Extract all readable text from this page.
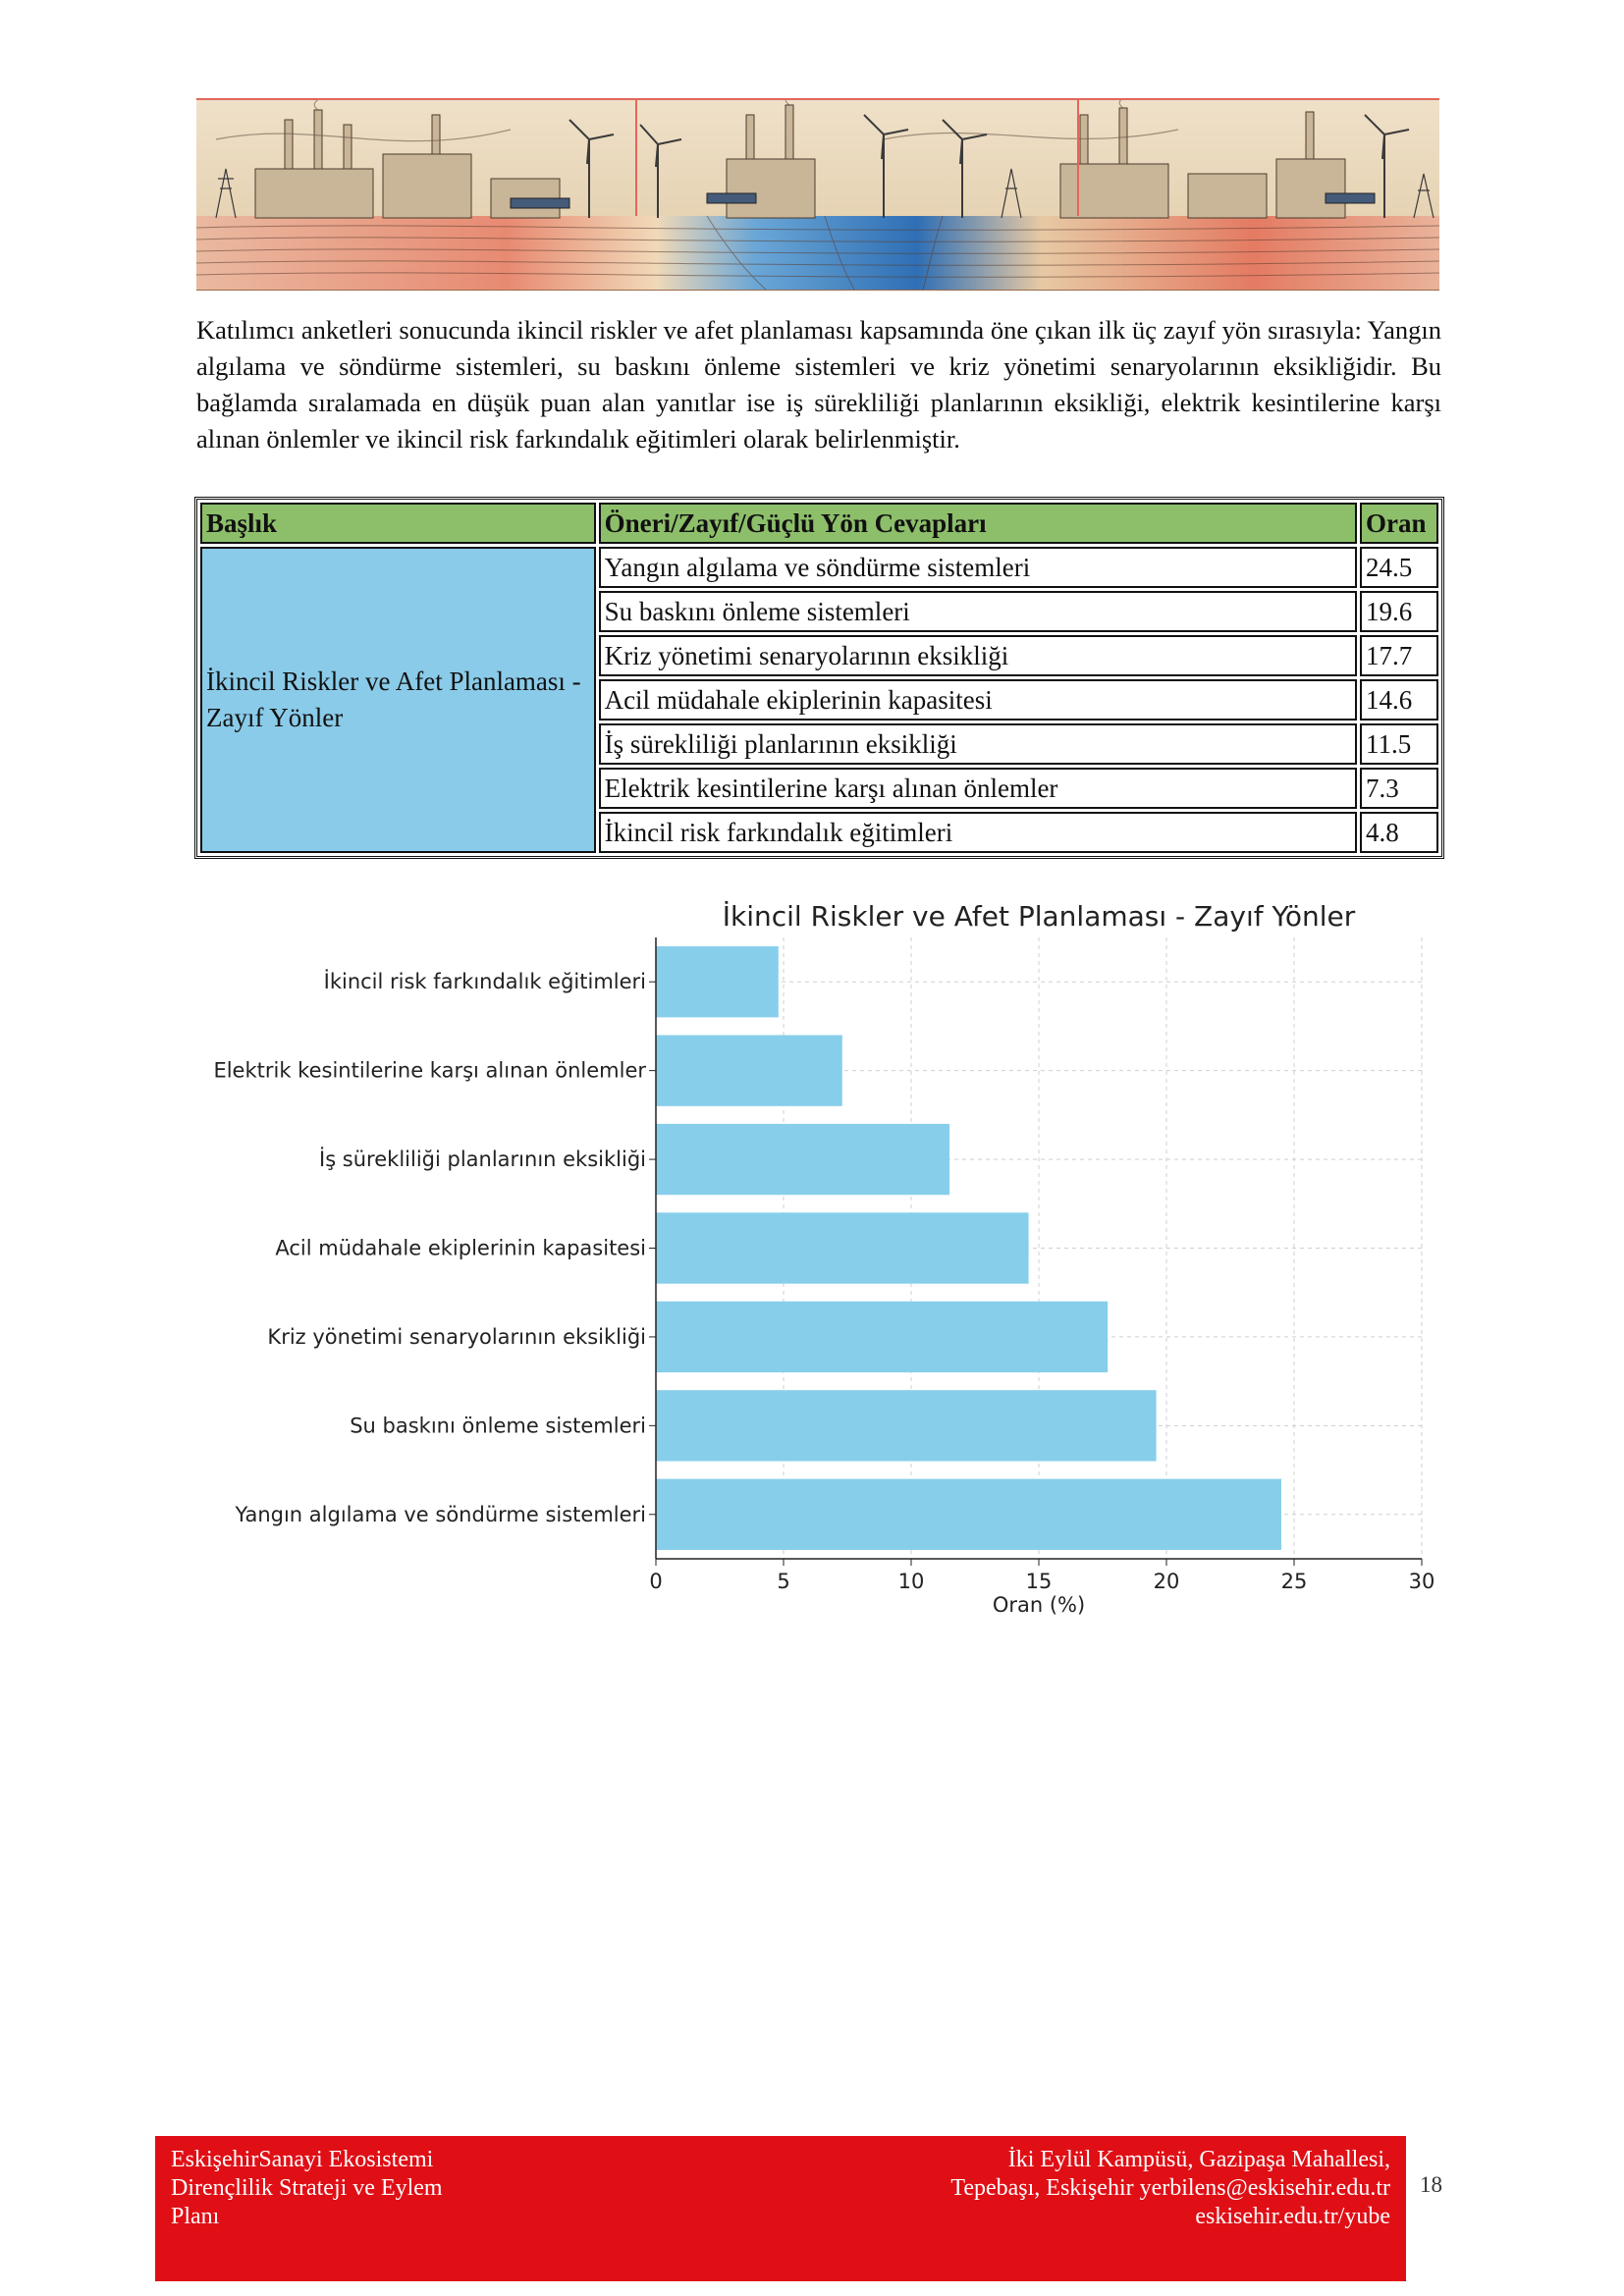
Katılımcı anketleri sonucunda ikincil riskler ve afet planlaması kapsamında öne çıkan ilk üç zayıf yön sırasıyla: Yangın algılama ve söndürme sistemleri, su baskını önleme sistemleri ve kriz yönetimi senaryolarının eksikliğidir. Bu bağlamda sıralamada en düşük puan alan yanıtlar ise iş sürekliliği planlarının eksikliği, elektrik kesintilerine karşı alınan önlemler ve ikincil risk farkındalık eğitimleri olarak belirlenmiştir.

Başlık	Öneri/Zayıf/Güçlü Yön Cevapları	Oran
İkincil Riskler ve Afet Planlaması - Zayıf Yönler	Yangın algılama ve söndürme sistemleri	24.5
	Su baskını önleme sistemleri	19.6
	Kriz yönetimi senaryolarının eksikliği	17.7
	Acil müdahale ekiplerinin kapasitesi	14.6
	İş sürekliliği planlarının eksikliği	11.5
	Elektrik kesintilerine karşı alınan önlemler	7.3
	İkincil risk farkındalık eğitimleri	4.8
İkincil Riskler ve Afet Planlaması - Zayıf Yönler
0	5	10	15	20	25	30
Yangın algılama ve söndürme sistemleri
Su baskını önleme sistemleri
Kriz yönetimi senaryolarının eksikliği
Acil müdahale ekiplerinin kapasitesi
İş sürekliliği planlarının eksikliği
Elektrik kesintilerine karşı alınan önlemler
İkincil risk farkındalık eğitimleri
Oran (%)
EskişehirSanayi Ekosistemi
Dirençlilik Strateji ve Eylem
Planı
İki Eylül Kampüsü, Gazipaşa Mahallesi,
Tepebaşı, Eskişehir yerbilens@eskisehir.edu.tr
eskisehir.edu.tr/yube
18
